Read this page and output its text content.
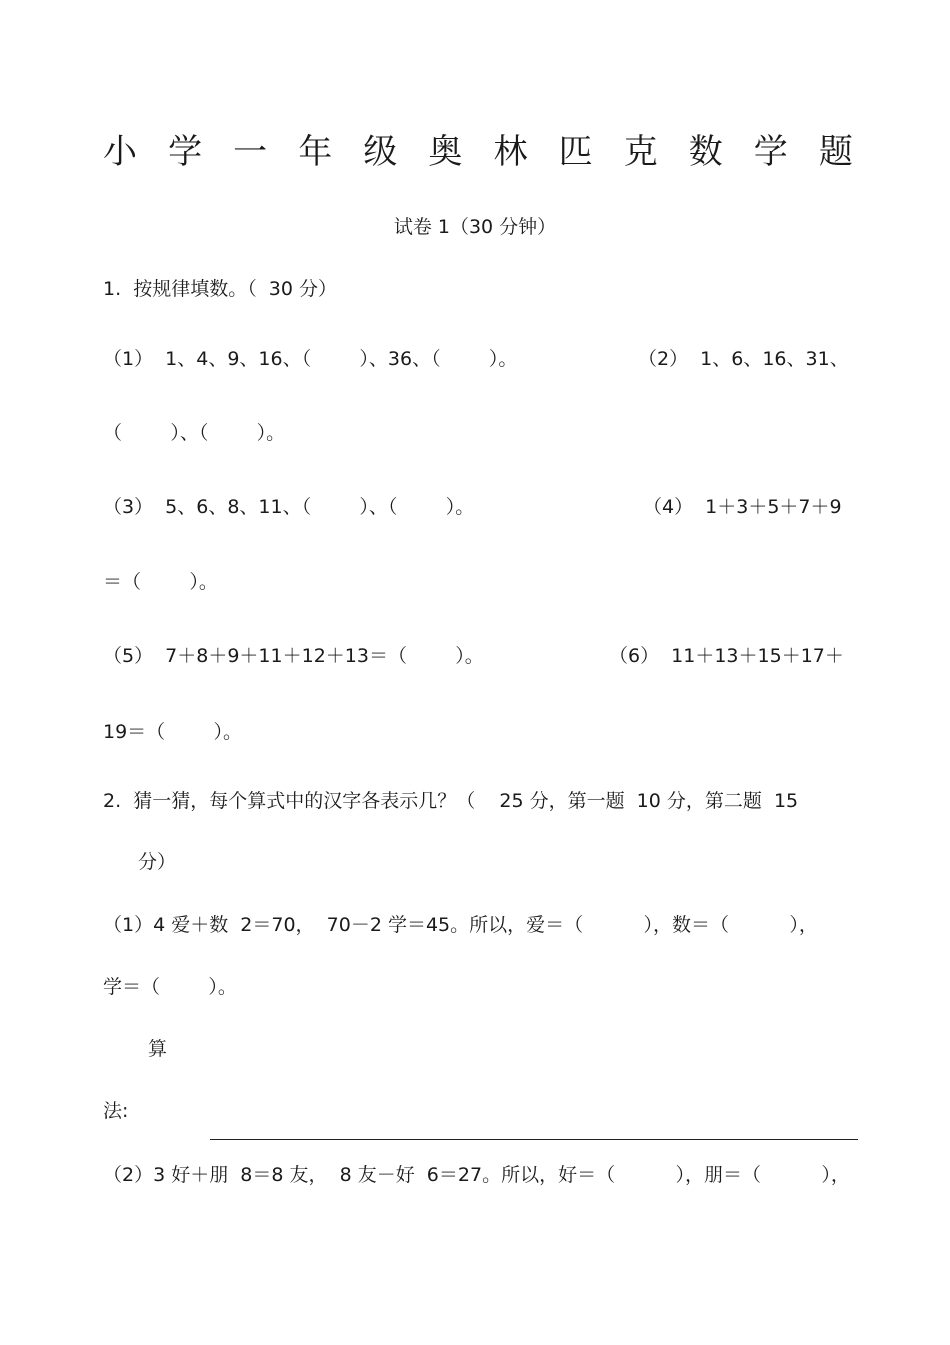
小 学 一 年 级 奥 林 匹 克 数 学 题
试卷 1（30 分钟）
1.  按规律填数。（  30 分）
（1）  1、4、9、16、（        ）、36、（        ）。	（2）  1、6、16、31、
（        ）、（        ）。
（3）  5、6、8、11、（        ）、（        ）。	（4）  1＋3＋5＋7＋9
＝（        ）。
（5）  7＋8＋9＋11＋12＋13＝（        ）。	（6）  11＋13＋15＋17＋
19＝（        ）。
2.  猜一猜，每个算式中的汉字各表示几？（    25 分，第一题  10 分，第二题  15
分）
（1）4 爱＋数  2＝70，  70－2 学＝45。所以，爱＝（          ），数＝（          ），
学＝（        ）。
算
法:
（2）3 好＋朋  8＝8 友，  8 友－好  6＝27。所以，好＝（          ），朋＝（          ），
